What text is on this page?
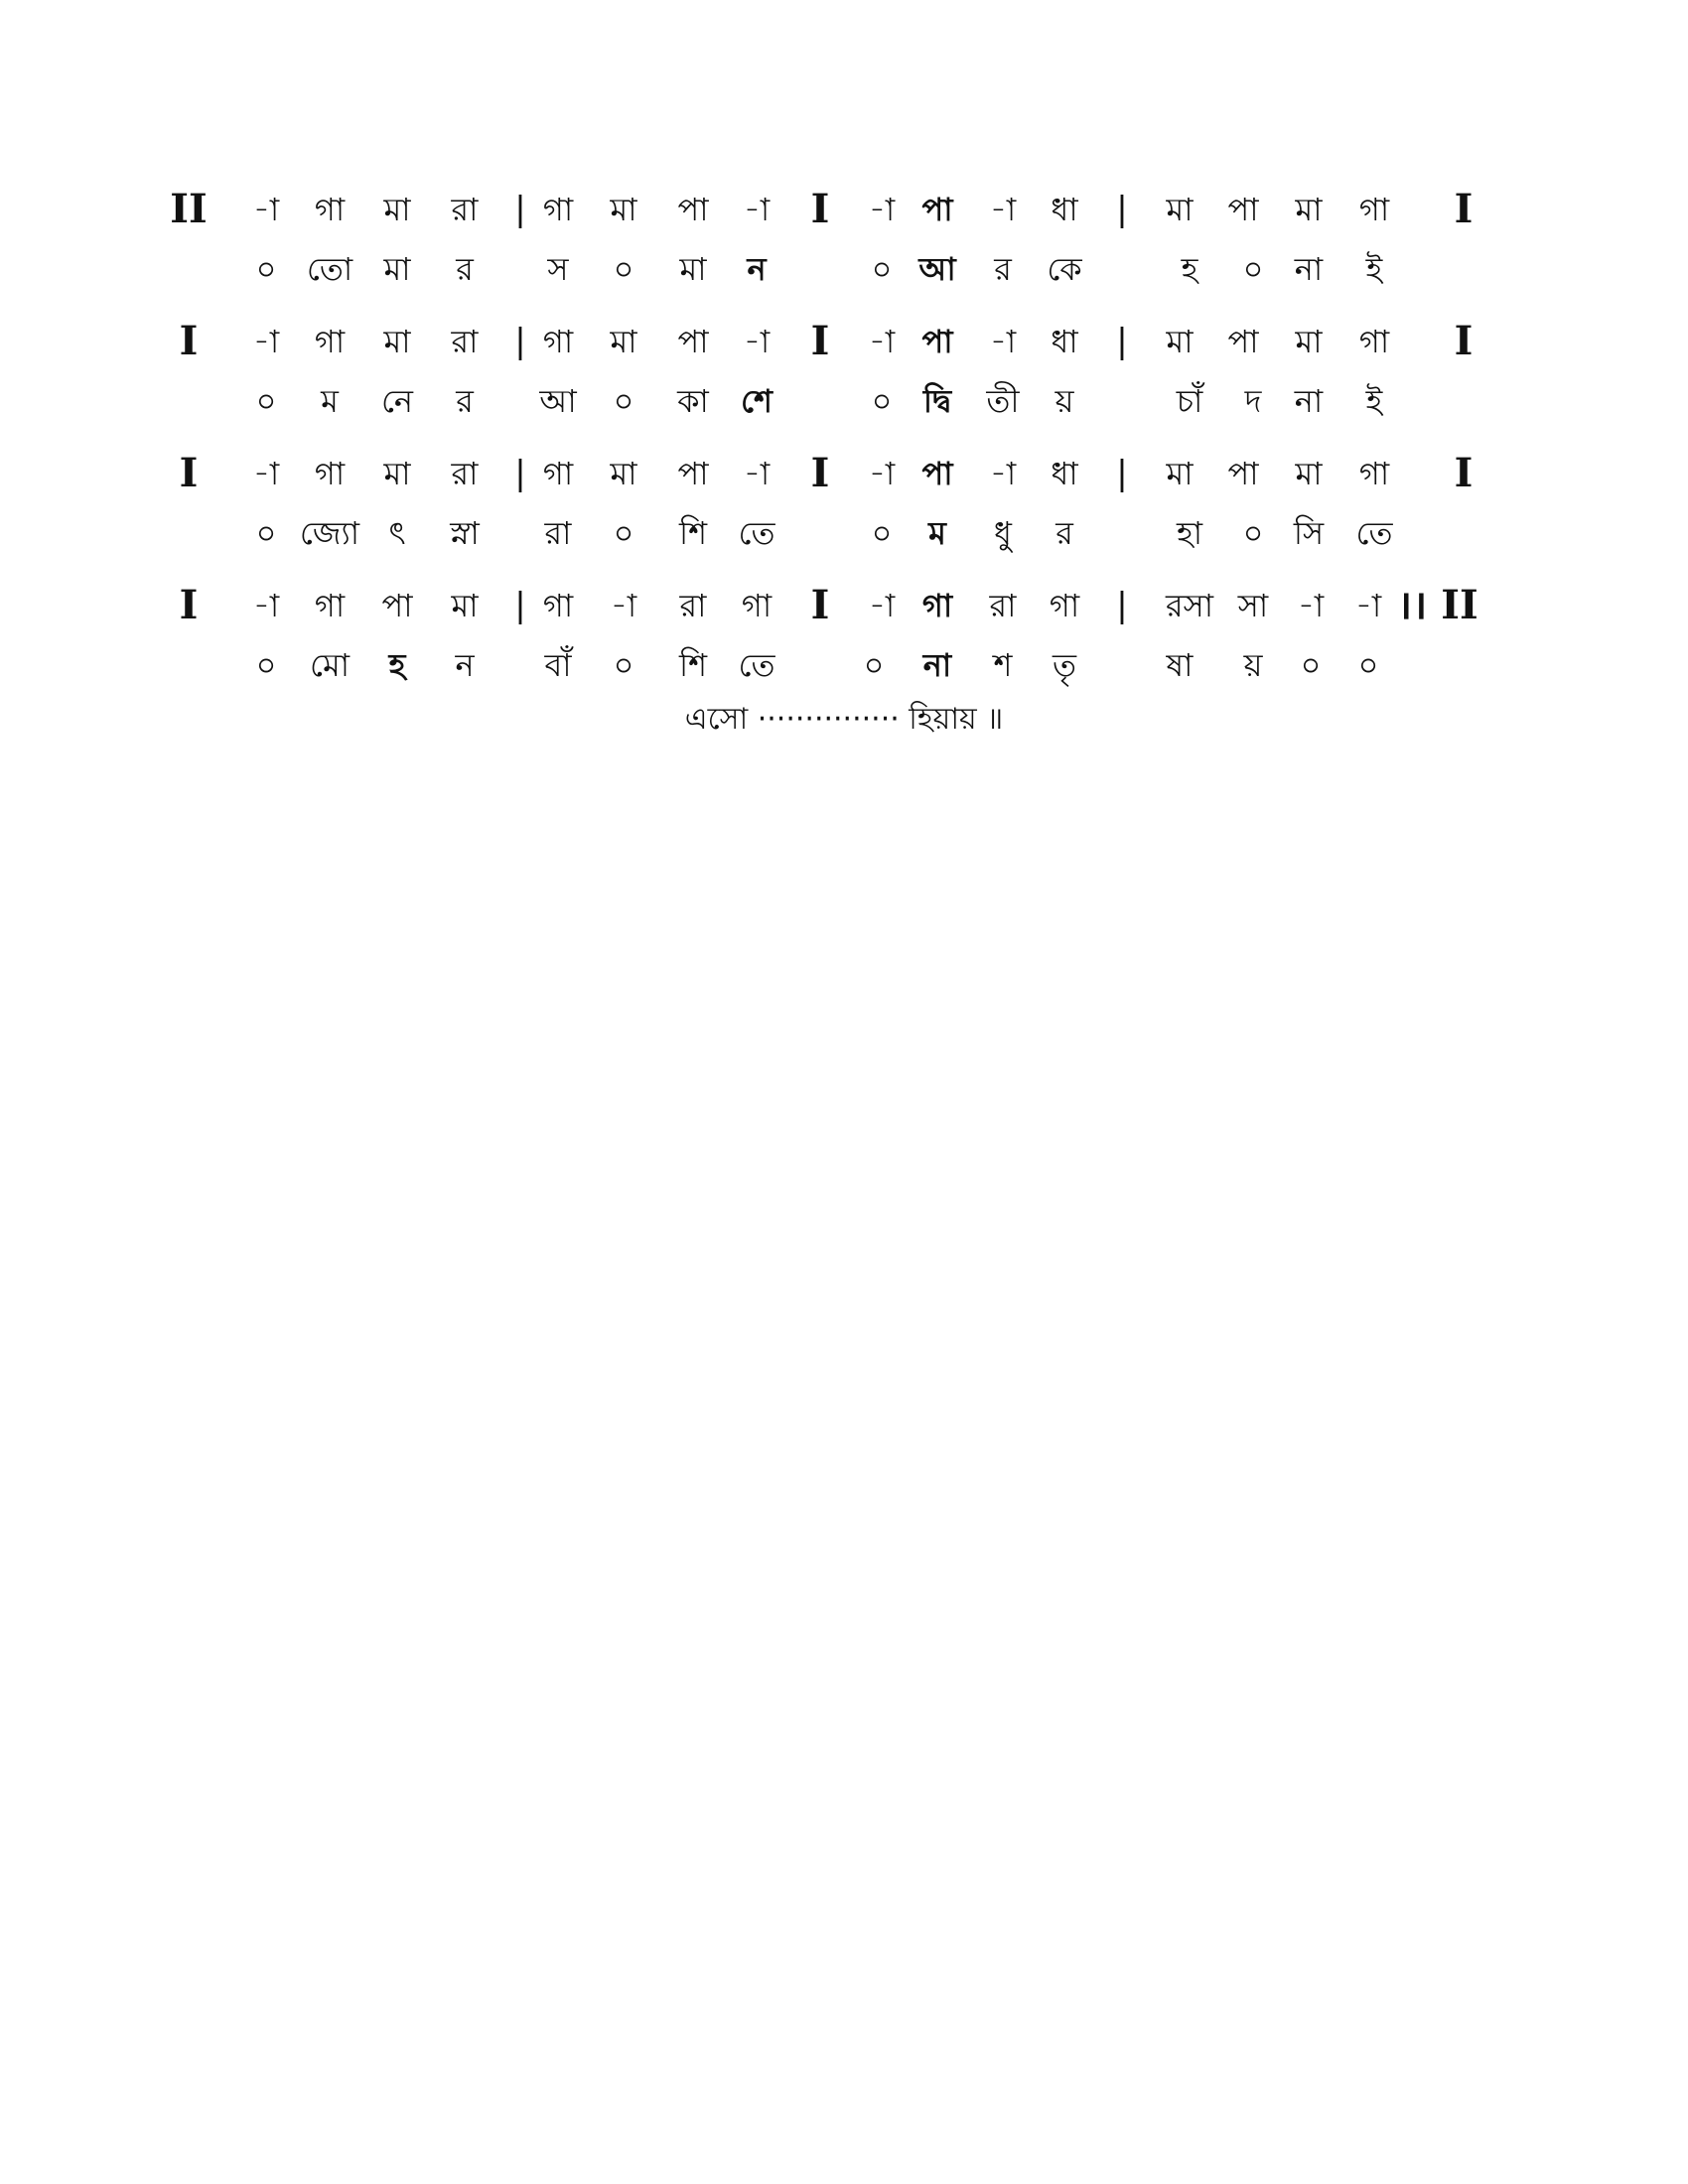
II -া গা মা রা | গা মা পা -া I -া পা -া ধা | মা পা মা গা I
০ তো মা র স ০ মা ন	০ আ র কে	হ ০ না ই
I -া গা মা রা | গা মা পা -া I -া পা -া ধা | মা পা মা গা I
০ ম নে র আ ০ কা শে	০ দ্বি তী য়	চাঁ দ না ই
I -া গা মা রা | গা মা পা -া I -া পা -া ধা | মা পা মা গা I
০ জ্যো ৎ স্না রা ০ শি তে	০ ম ধু র	হা ০ সি তে
I -া গা পা মা | গা -া রা গা I -া গা রা গা | রসা সা -া -া ।। II
০ মো হ ন বাঁ ০ শি তে	০ না শ তৃ	ষা য় ০ ০
এসো ··············· হিয়ায় ॥
